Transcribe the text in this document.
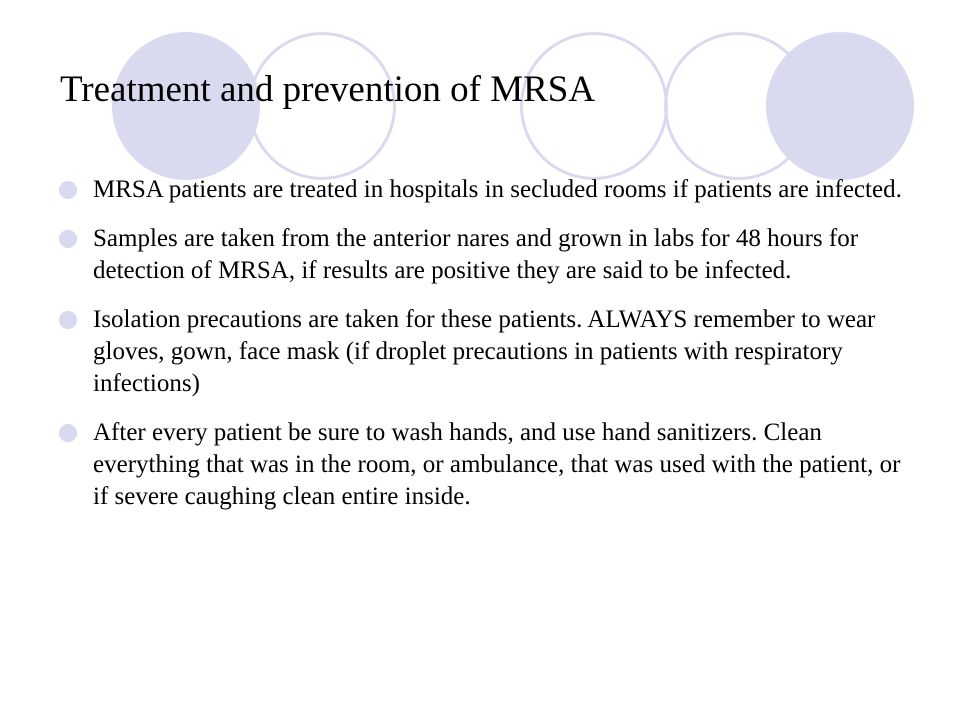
Treatment and prevention of MRSA
MRSA patients are treated in hospitals in secluded rooms if patients are infected.
Samples are taken from the anterior nares and grown in labs for 48 hours for detection of MRSA, if results are positive they are said to be infected.
Isolation precautions are taken for these patients. ALWAYS remember to wear gloves, gown, face mask (if droplet precautions in patients with respiratory infections)
After every patient be sure to wash hands, and use hand sanitizers. Clean everything that was in the room, or ambulance, that was used with the patient, or if severe caughing clean entire inside.
